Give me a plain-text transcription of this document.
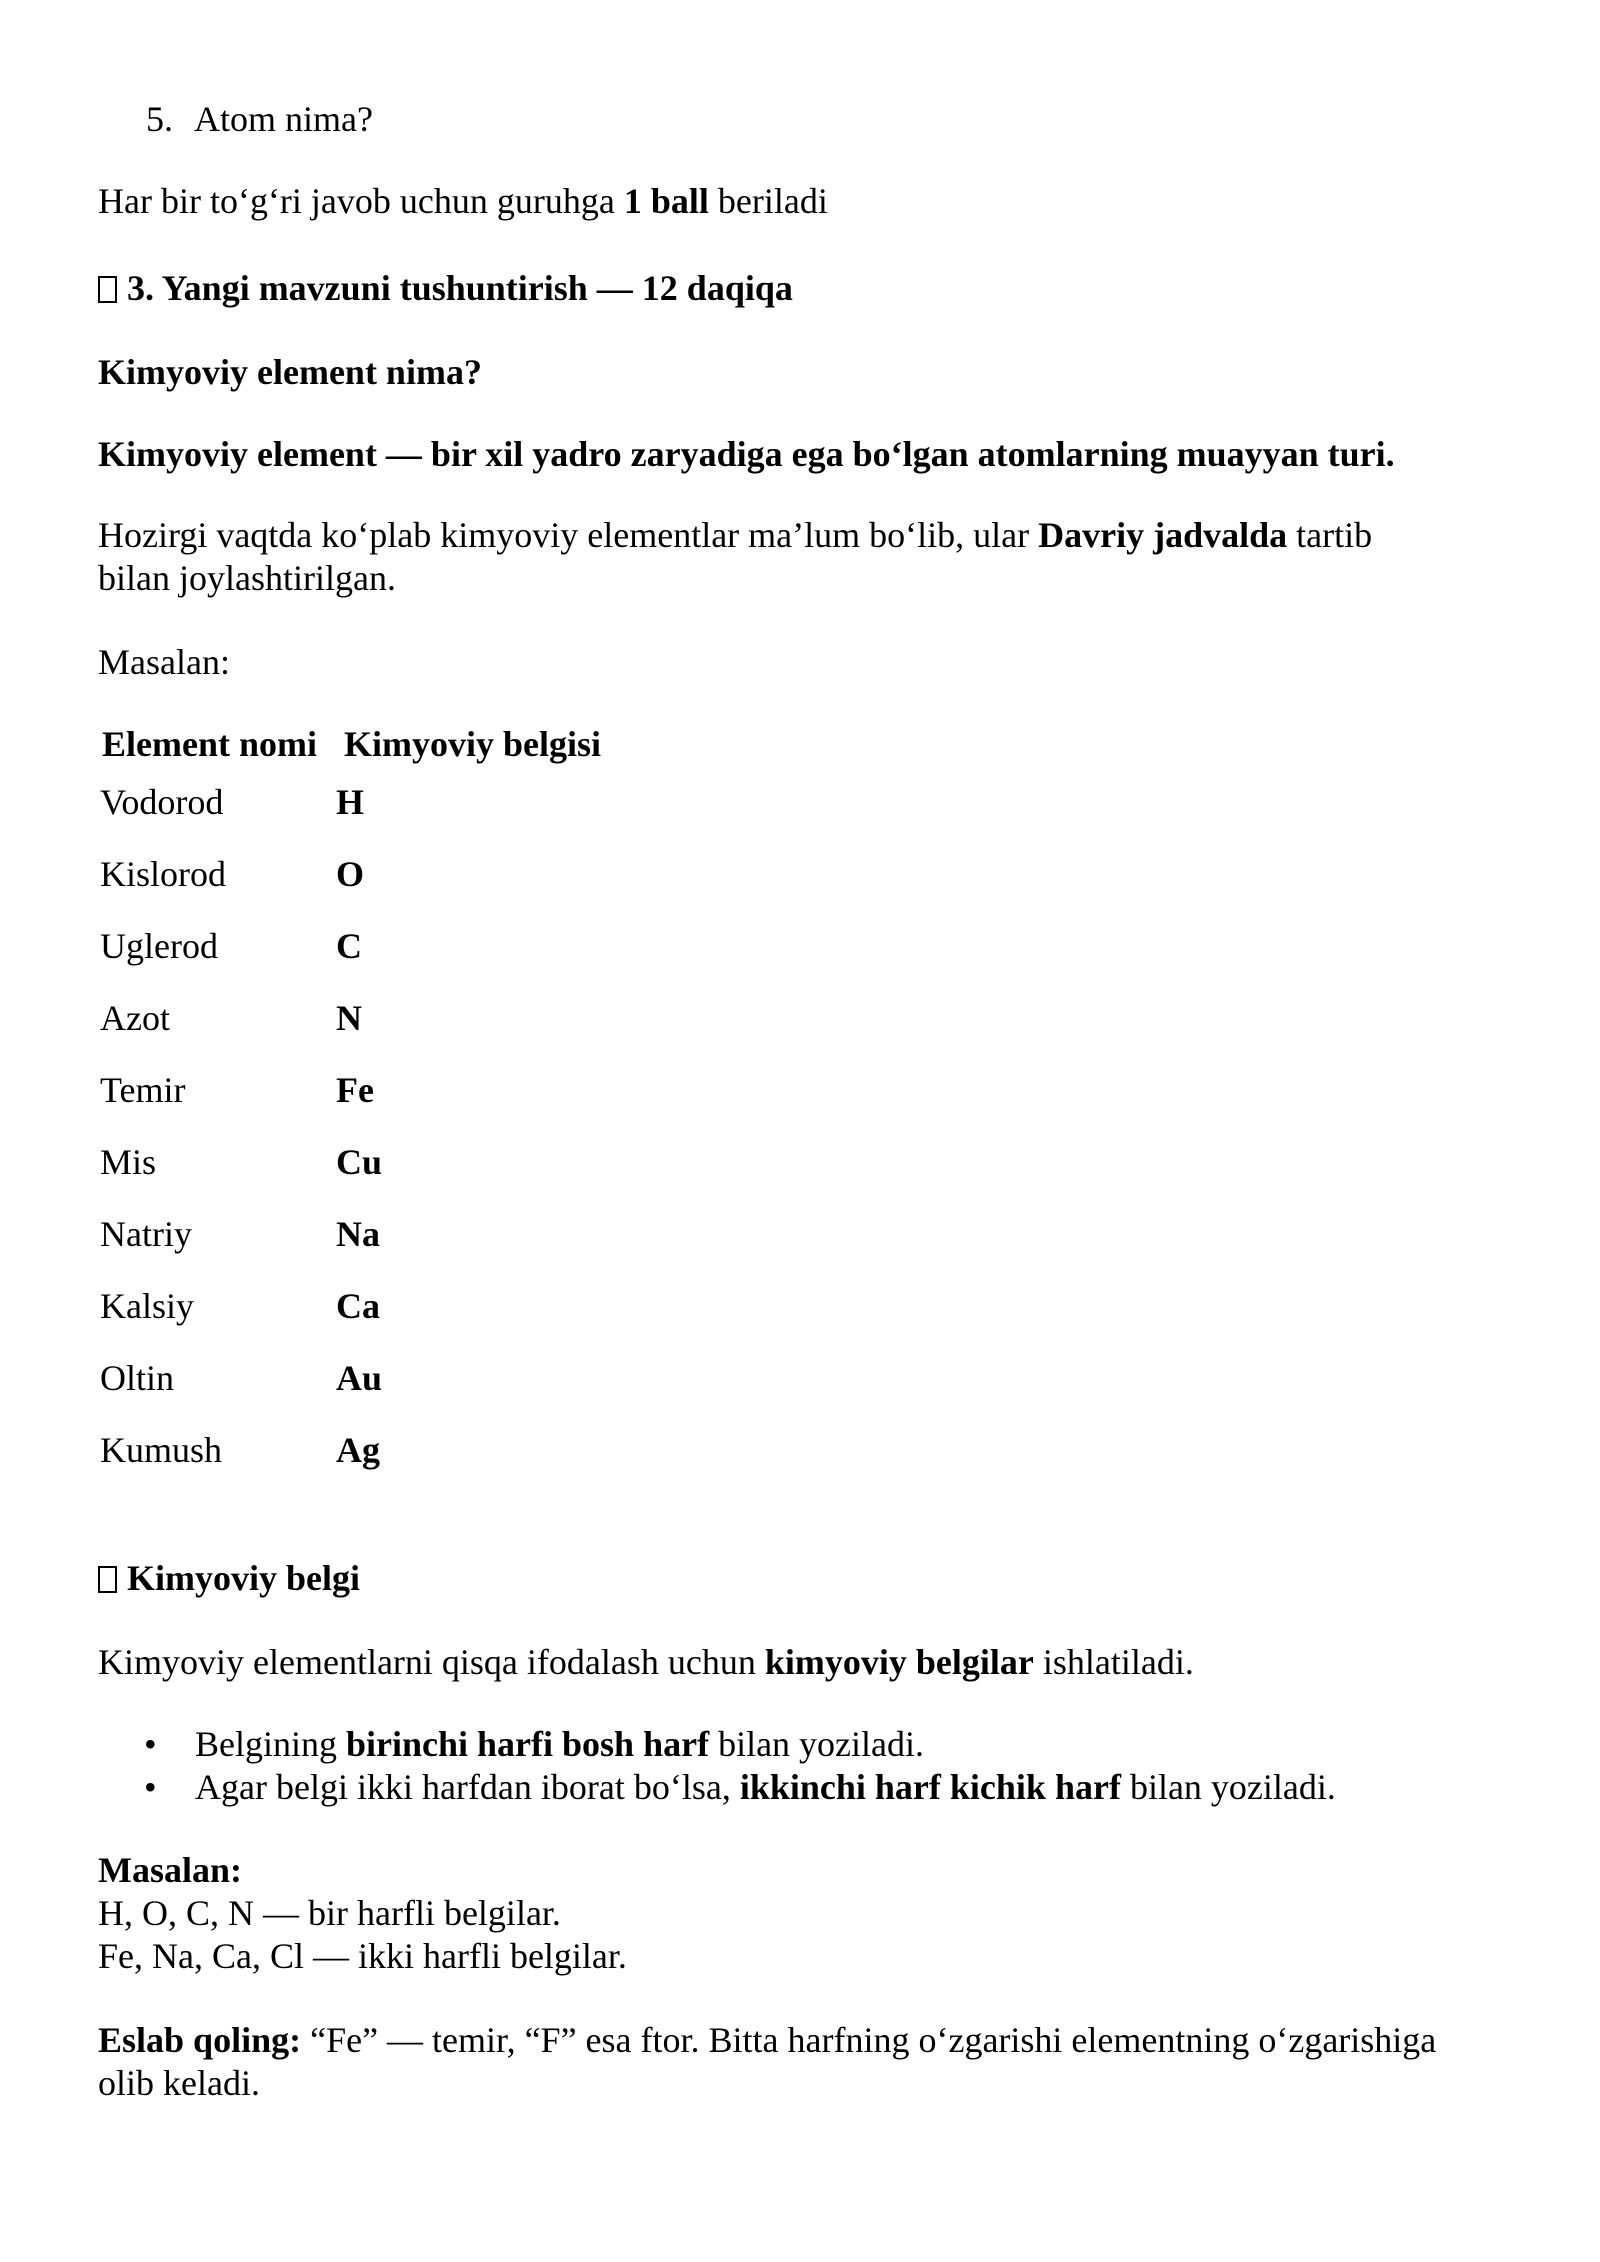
5. Atom nima?
Har bir to‘g‘ri javob uchun guruhga 1 ball beriladi
3. Yangi mavzuni tushuntirish — 12 daqiqa
Kimyoviy element nima?
Kimyoviy element — bir xil yadro zaryadiga ega bo‘lgan atomlarning muayyan turi.
Hozirgi vaqtda ko‘plab kimyoviy elementlar ma’lum bo‘lib, ular Davriy jadvalda tartib
bilan joylashtirilgan.
Masalan:
Element nomi	Kimyoviy belgisi
Vodorod	H
Kislorod	O
Uglerod	C
Azot	N
Temir	Fe
Mis	Cu
Natriy	Na
Kalsiy	Ca
Oltin	Au
Kumush	Ag
Kimyoviy belgi
Kimyoviy elementlarni qisqa ifodalash uchun kimyoviy belgilar ishlatiladi.
• Belgining birinchi harfi bosh harf bilan yoziladi.
• Agar belgi ikki harfdan iborat bo‘lsa, ikkinchi harf kichik harf bilan yoziladi.
Masalan:
H, O, C, N — bir harfli belgilar.
Fe, Na, Ca, Cl — ikki harfli belgilar.
Eslab qoling: “Fe” — temir, “F” esa ftor. Bitta harfning o‘zgarishi elementning o‘zgarishiga
olib keladi.
